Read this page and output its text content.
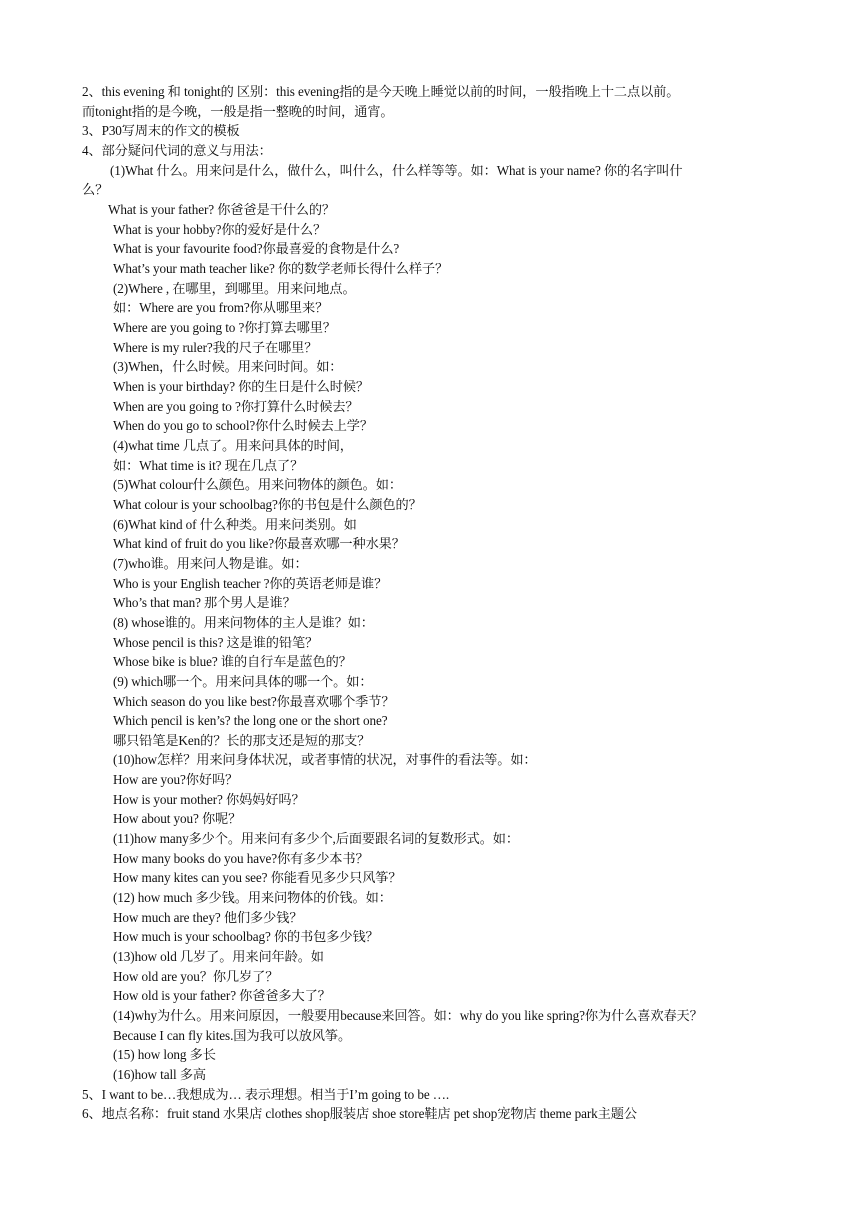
2、this evening 和 tonight的 区别：this evening指的是今天晚上睡觉以前的时间，一般指晚上十二点以前。
而tonight指的是今晚，一般是指一整晚的时间，通宵。
3、P30写周末的作文的模板
4、部分疑问代词的意义与用法：
(1)What 什么。用来问是什么，做什么，叫什么，什么样等等。如：What is your name? 你的名字叫什
么？
What is your father? 你爸爸是干什么的？
What is your hobby?你的爱好是什么？
What is your favourite food?你最喜爱的食物是什么?
What’s your math teacher like? 你的数学老师长得什么样子？
(2)Where , 在哪里，到哪里。用来问地点。
如：Where are you from?你从哪里来？
Where are you going to ?你打算去哪里？
Where is my ruler?我的尺子在哪里？
(3)When，什么时候。用来问时间。如：
When is your birthday? 你的生日是什么时候？
When are you going to ?你打算什么时候去？
When do you go to school?你什么时候去上学？
(4)what time 几点了。用来问具体的时间，
如：What time is it? 现在几点了？
(5)What colour什么颜色。用来问物体的颜色。如：
What colour is your schoolbag?你的书包是什么颜色的？
(6)What kind of 什么种类。用来问类别。如
What kind of fruit do you like?你最喜欢哪一种水果？
(7)who谁。用来问人物是谁。如：
Who is your English teacher ?你的英语老师是谁？
Who’s that man? 那个男人是谁？
(8) whose谁的。用来问物体的主人是谁？如：
Whose pencil is this? 这是谁的铅笔？
Whose bike is blue? 谁的自行车是蓝色的？
(9) which哪一个。用来问具体的哪一个。如：
Which season do you like best?你最喜欢哪个季节？
Which pencil is ken’s? the long one or the short one?
哪只铅笔是Ken的？长的那支还是短的那支？
(10)how怎样？用来问身体状况，或者事情的状况，对事件的看法等。如：
How are you?你好吗？
How is your mother? 你妈妈好吗？
How about you? 你呢？
(11)how many多少个。用来问有多少个,后面要跟名词的复数形式。如：
How many books do you have?你有多少本书？
How many kites can you see? 你能看见多少只风筝？
(12) how much 多少钱。用来问物体的价钱。如：
How much are they? 他们多少钱？
How much is your schoolbag? 你的书包多少钱？
(13)how old 几岁了。用来问年龄。如
How old are you？你几岁了？
How old is your father? 你爸爸多大了？
(14)why为什么。用来问原因，一般要用because来回答。如：why do you like spring?你为什么喜欢春天？
Because I can fly kites.国为我可以放风筝。
(15) how long 多长
(16)how tall 多高
5、I want to be…我想成为… 表示理想。相当于I’m going to be ….
6、地点名称：fruit stand 水果店 clothes shop服装店 shoe store鞋店 pet shop宠物店 theme park主题公
